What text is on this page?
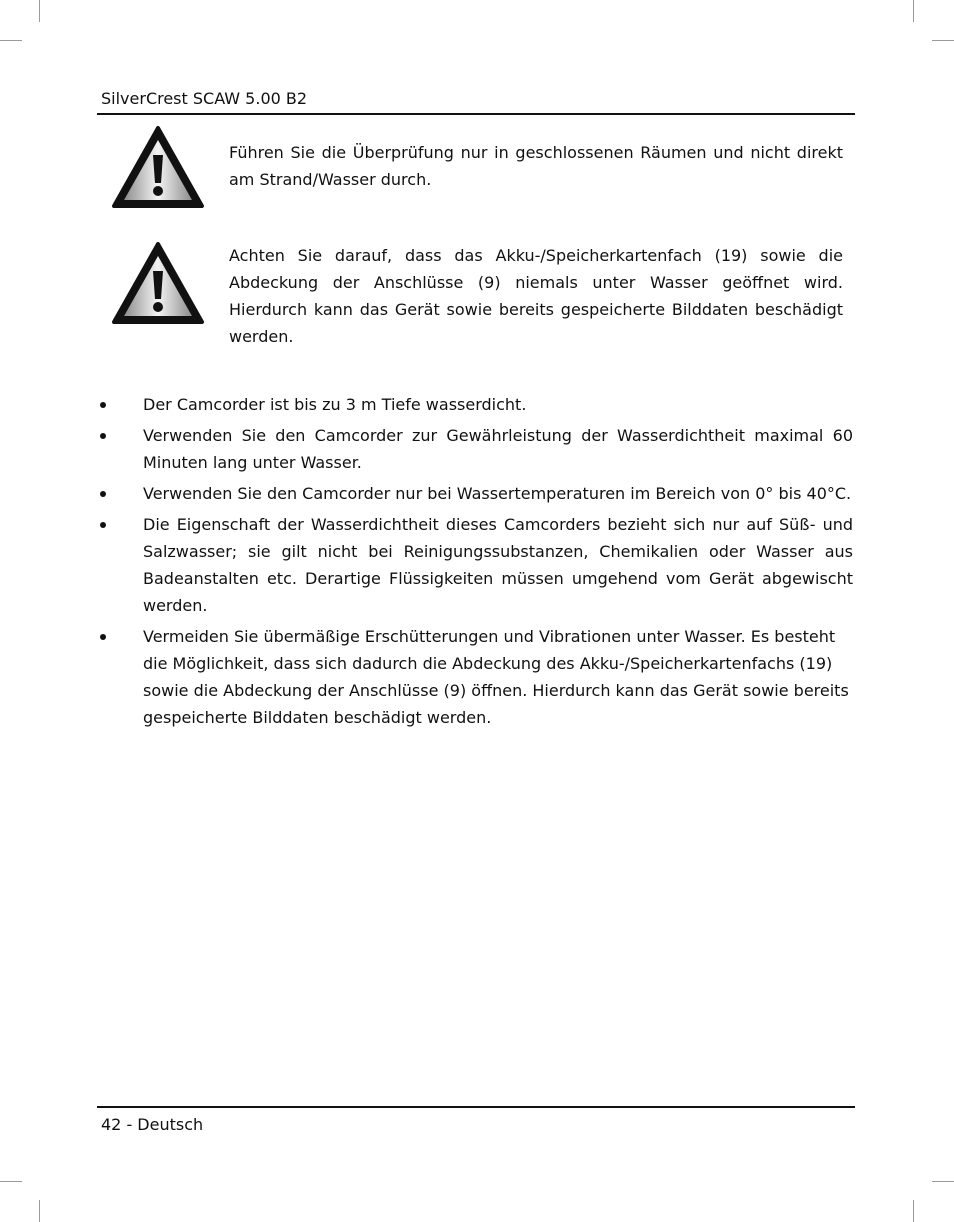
SilverCrest SCAW 5.00 B2
Führen Sie die Überprüfung nur in geschlossenen Räumen und nicht direkt am Strand/Wasser durch.
Achten Sie darauf, dass das Akku-/Speicherkartenfach (19) sowie die Abdeckung der Anschlüsse (9) niemals unter Wasser geöffnet wird. Hierdurch kann das Gerät sowie bereits gespeicherte Bilddaten beschädigt werden.
Der Camcorder ist bis zu 3 m Tiefe wasserdicht.
Verwenden Sie den Camcorder zur Gewährleistung der Wasserdichtheit maximal 60 Minuten lang unter Wasser.
Verwenden Sie den Camcorder nur bei Wassertemperaturen im Bereich von 0° bis 40°C.
Die Eigenschaft der Wasserdichtheit dieses Camcorders bezieht sich nur auf Süß- und Salzwasser; sie gilt nicht bei Reinigungssubstanzen, Chemikalien oder Wasser aus Badeanstalten etc. Derartige Flüssigkeiten müssen umgehend vom Gerät abgewischt werden.
Vermeiden Sie übermäßige Erschütterungen und Vibrationen unter Wasser. Es besteht die Möglichkeit, dass sich dadurch die Abdeckung des Akku-/Speicherkartenfachs (19) sowie die Abdeckung der Anschlüsse (9) öffnen. Hierdurch kann das Gerät sowie bereits gespeicherte Bilddaten beschädigt werden.
42 - Deutsch
